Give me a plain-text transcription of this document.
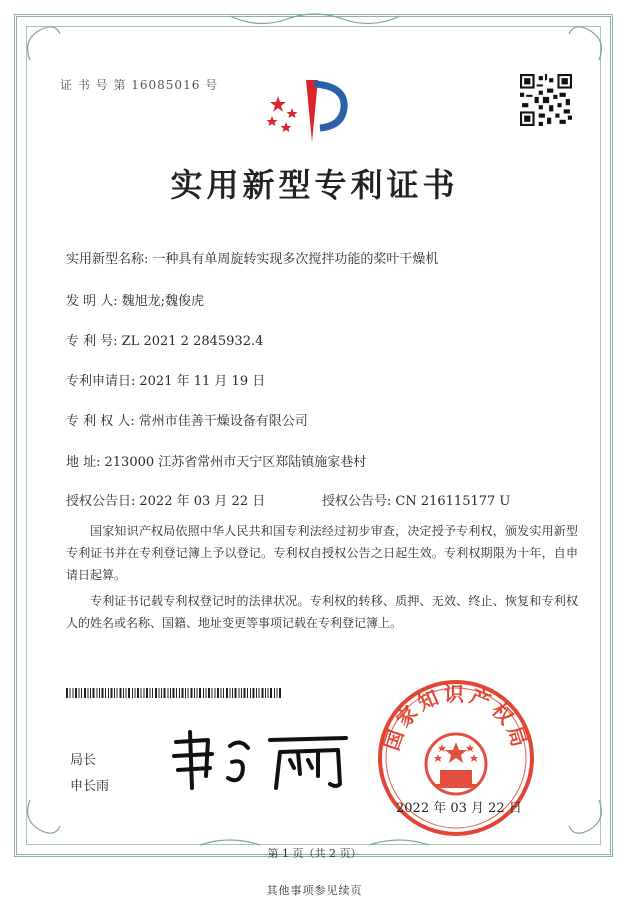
证 书 号 第 16085016 号
实用新型专利证书
实用新型名称: 一种具有单周旋转实现多次搅拌功能的桨叶干燥机
发 明 人: 魏旭龙;魏俊虎
专 利 号: ZL 2021 2 2845932.4
专利申请日: 2021 年 11 月 19 日
专 利 权 人: 常州市佳善干燥设备有限公司
地 址: 213000 江苏省常州市天宁区郑陆镇施家巷村
授权公告日: 2022 年 03 月 22 日	授权公告号: CN 216115177 U

国家知识产权局依照中华人民共和国专利法经过初步审查，决定授予专利权，颁发实用新型专利证书并在专利登记簿上予以登记。专利权自授权公告之日起生效。专利权期限为十年，自申请日起算。

专利证书记载专利权登记时的法律状况。专利权的转移、质押、无效、终止、恢复和专利权人的姓名或名称、国籍、地址变更等事项记载在专利登记簿上。

局长
申长雨
国家知识产权局
2022 年 03 月 22 日
第 1 页（共 2 页）
其他事项参见续页
